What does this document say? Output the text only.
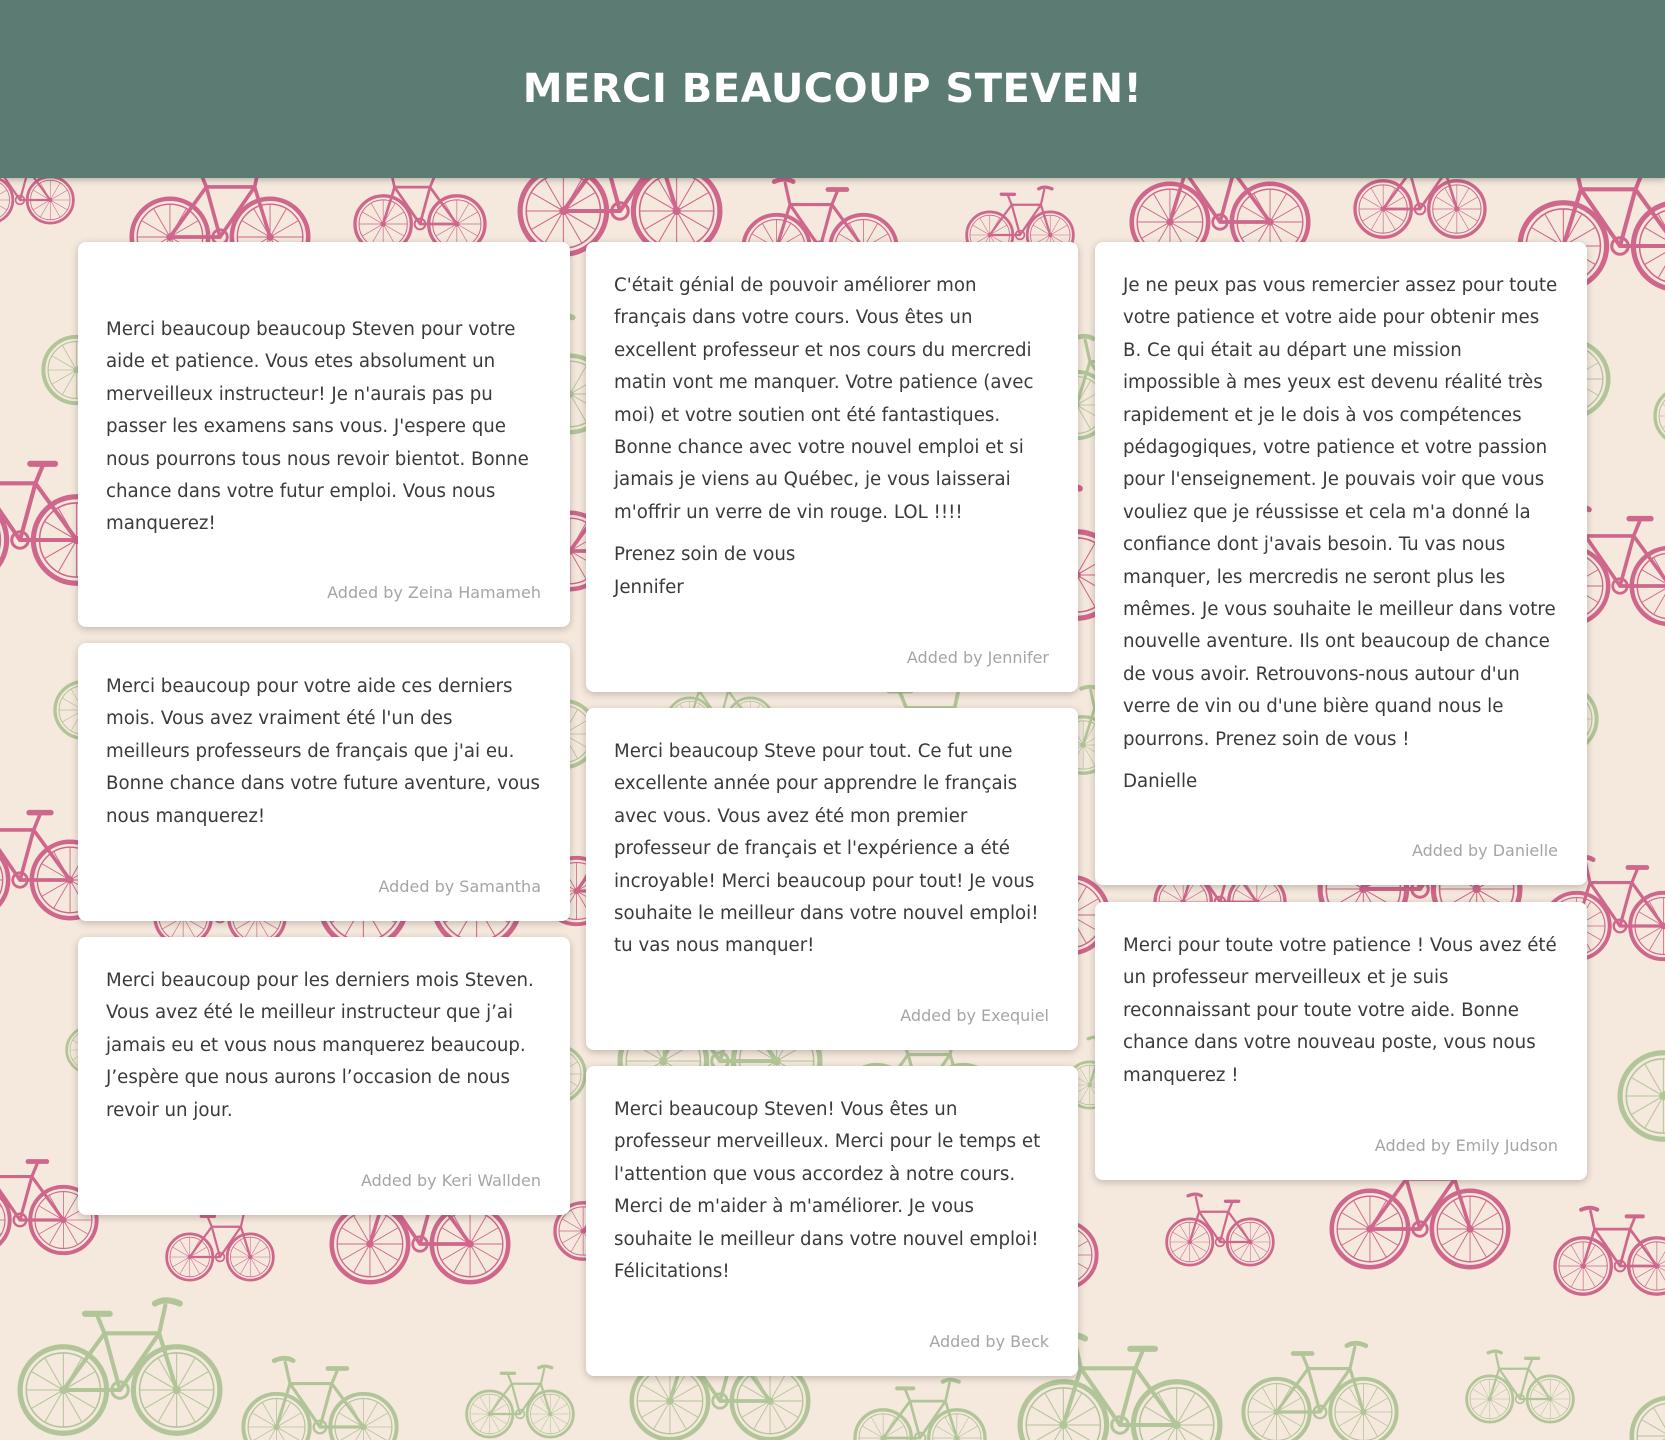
MERCI BEAUCOUP STEVEN!

Merci beaucoup beaucoup Steven pour votre aide et patience. Vous etes absolument un merveilleux instructeur! Je n'aurais pas pu passer les examens sans vous. J'espere que nous pourrons tous nous revoir bientot. Bonne chance dans votre futur emploi. Vous nous manquerez!

Added by Zeina Hamameh

Merci beaucoup pour votre aide ces derniers mois. Vous avez vraiment été l'un des meilleurs professeurs de français que j'ai eu. Bonne chance dans votre future aventure, vous nous manquerez!

Added by Samantha

Merci beaucoup pour les derniers mois Steven. Vous avez été le meilleur instructeur que j’ai jamais eu et vous nous manquerez beaucoup. J’espère que nous aurons l’occasion de nous revoir un jour.

Added by Keri Wallden

C'était génial de pouvoir améliorer mon français dans votre cours. Vous êtes un excellent professeur et nos cours du mercredi matin vont me manquer. Votre patience (avec moi) et votre soutien ont été fantastiques. Bonne chance avec votre nouvel emploi et si jamais je viens au Québec, je vous laisserai m'offrir un verre de vin rouge. LOL !!!!

Prenez soin de vous
Jennifer

Added by Jennifer

Merci beaucoup Steve pour tout. Ce fut une excellente année pour apprendre le français avec vous. Vous avez été mon premier professeur de français et l'expérience a été incroyable! Merci beaucoup pour tout! Je vous souhaite le meilleur dans votre nouvel emploi! tu vas nous manquer!

Added by Exequiel

Merci beaucoup Steven! Vous êtes un professeur merveilleux. Merci pour le temps et l'attention que vous accordez à notre cours. Merci de m'aider à m'améliorer. Je vous souhaite le meilleur dans votre nouvel emploi! Félicitations!

Added by Beck

Je ne peux pas vous remercier assez pour toute votre patience et votre aide pour obtenir mes B. Ce qui était au départ une mission impossible à mes yeux est devenu réalité très rapidement et je le dois à vos compétences pédagogiques, votre patience et votre passion pour l'enseignement. Je pouvais voir que vous vouliez que je réussisse et cela m'a donné la confiance dont j'avais besoin. Tu vas nous manquer, les mercredis ne seront plus les mêmes. Je vous souhaite le meilleur dans votre nouvelle aventure. Ils ont beaucoup de chance de vous avoir. Retrouvons-nous autour d'un verre de vin ou d'une bière quand nous le pourrons. Prenez soin de vous !

Danielle

Added by Danielle

Merci pour toute votre patience ! Vous avez été un professeur merveilleux et je suis reconnaissant pour toute votre aide. Bonne chance dans votre nouveau poste, vous nous manquerez !

Added by Emily Judson
